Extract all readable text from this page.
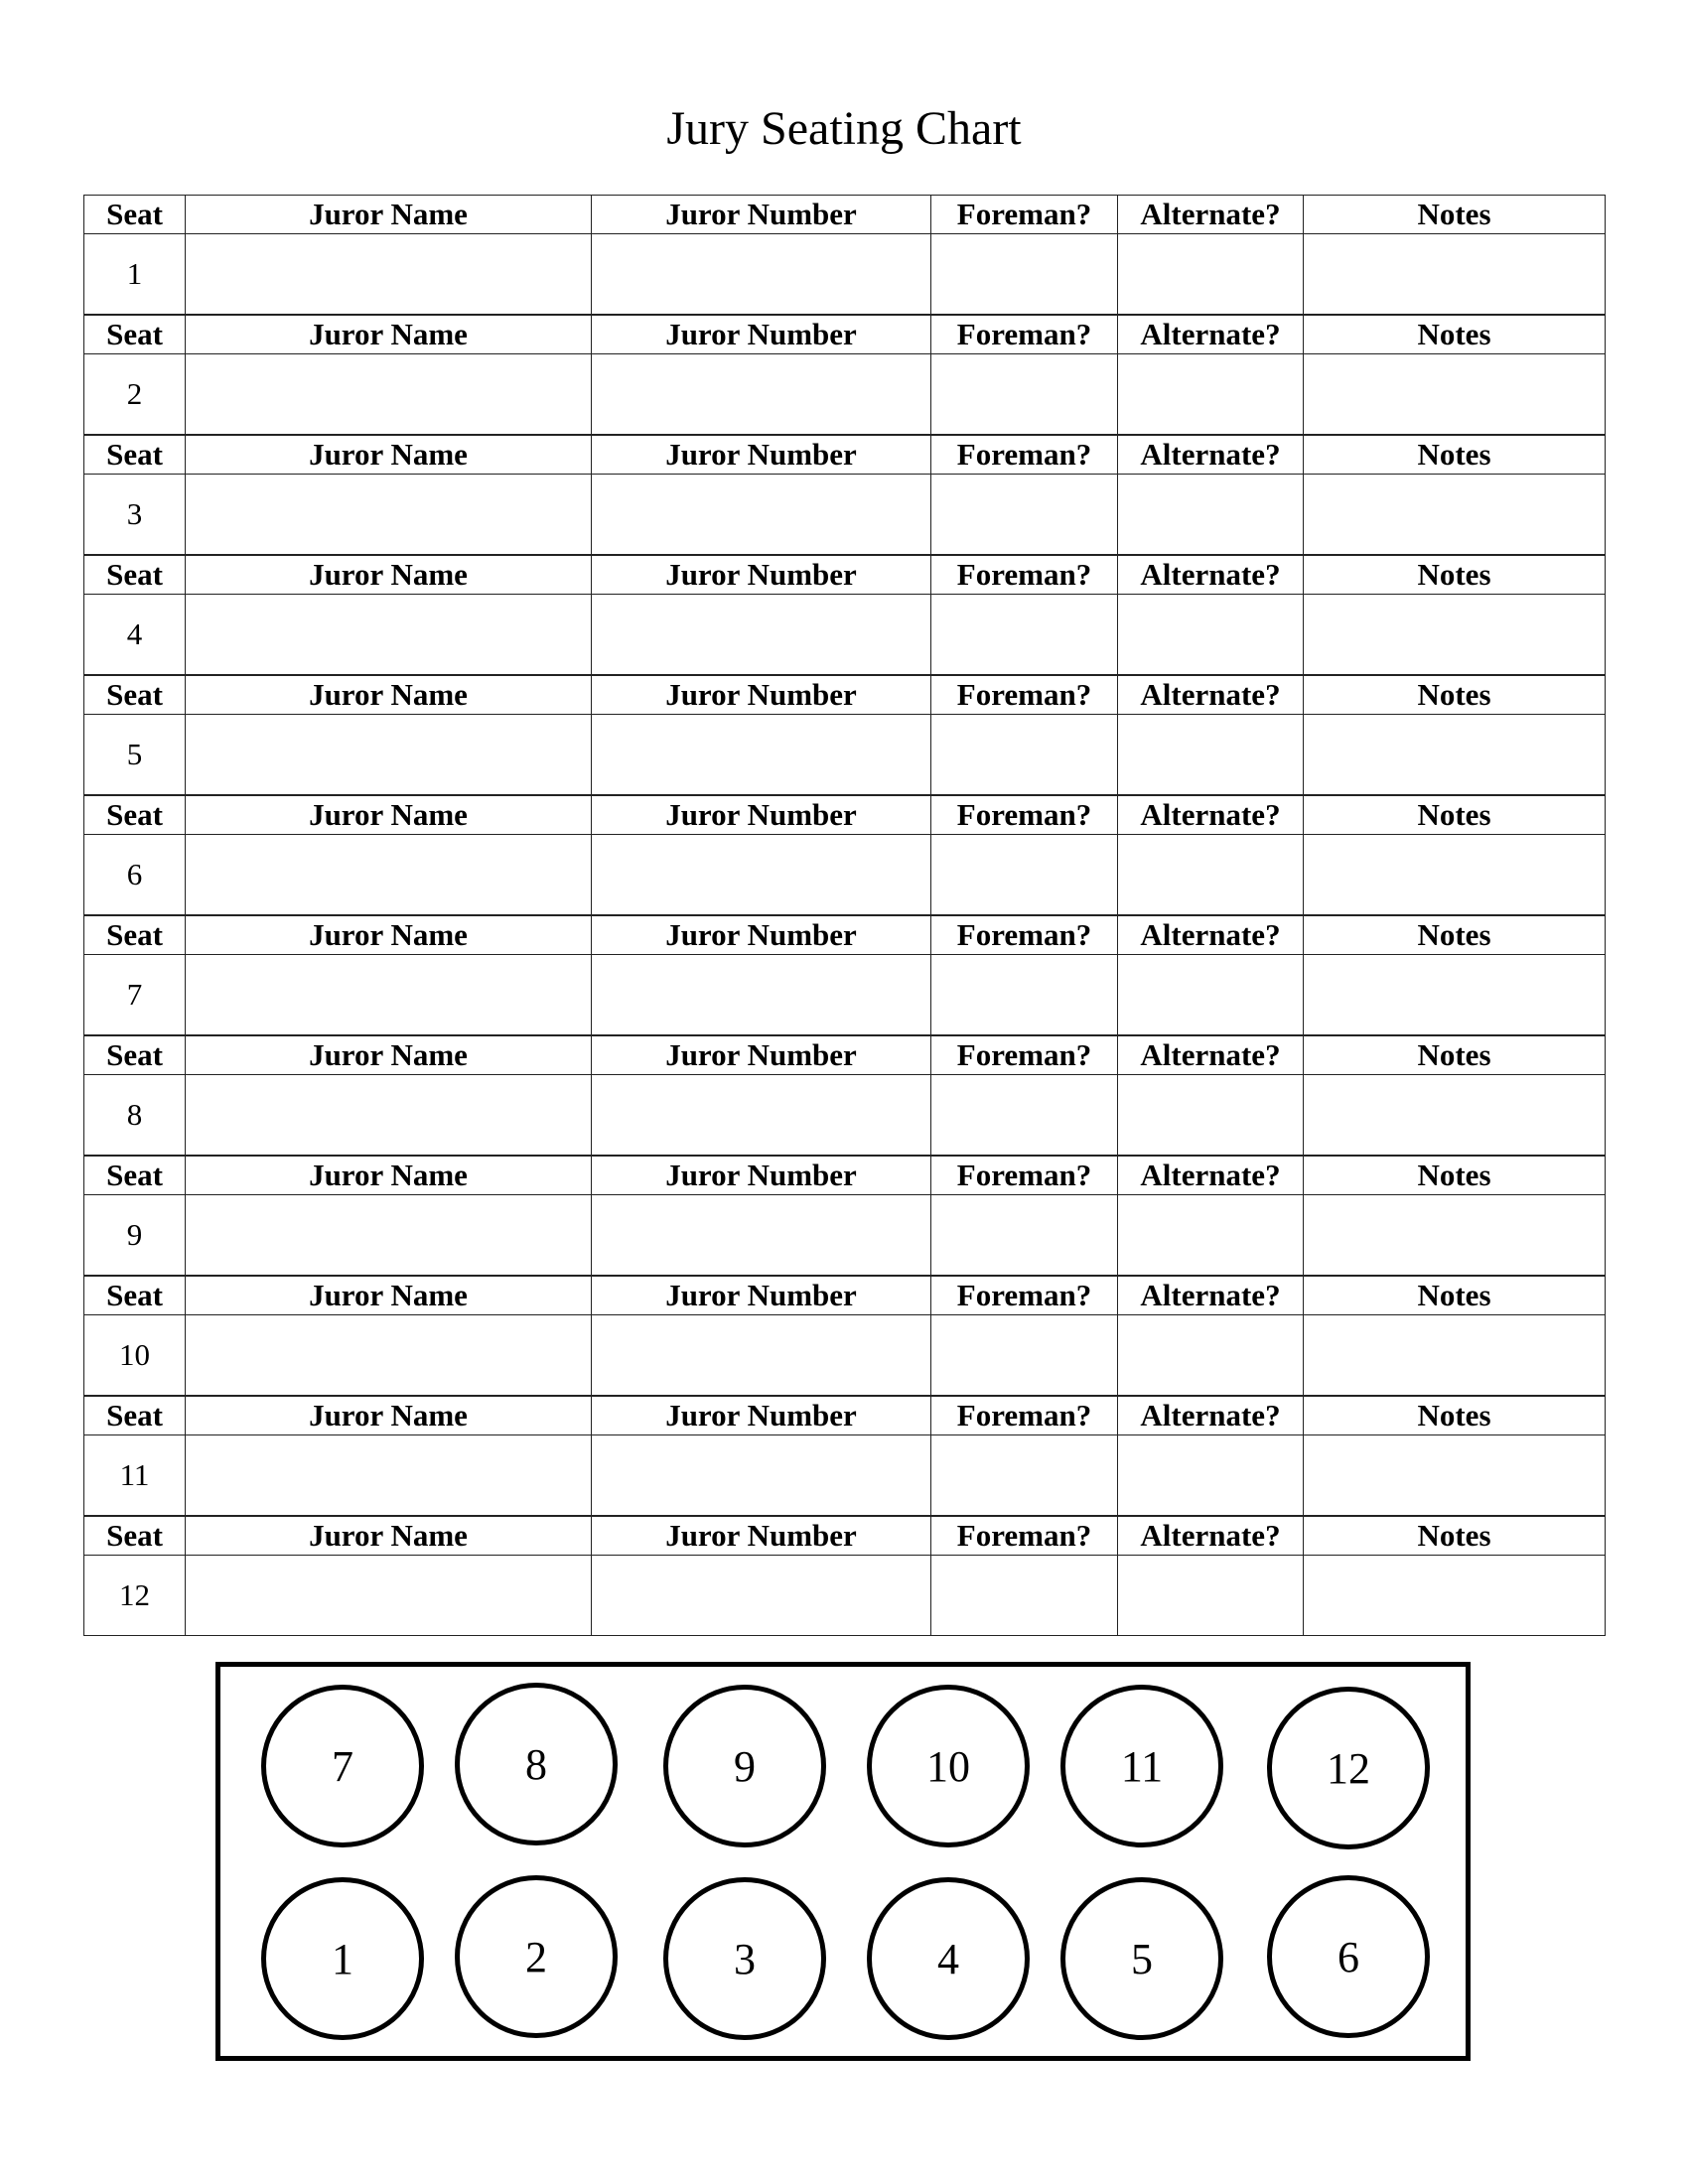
Jury Seating Chart
Seat	Juror Name	Juror Number	Foreman?	Alternate?	Notes
1					
Seat	Juror Name	Juror Number	Foreman?	Alternate?	Notes
2					
Seat	Juror Name	Juror Number	Foreman?	Alternate?	Notes
3					
Seat	Juror Name	Juror Number	Foreman?	Alternate?	Notes
4					
Seat	Juror Name	Juror Number	Foreman?	Alternate?	Notes
5					
Seat	Juror Name	Juror Number	Foreman?	Alternate?	Notes
6					
Seat	Juror Name	Juror Number	Foreman?	Alternate?	Notes
7					
Seat	Juror Name	Juror Number	Foreman?	Alternate?	Notes
8					
Seat	Juror Name	Juror Number	Foreman?	Alternate?	Notes
9					
Seat	Juror Name	Juror Number	Foreman?	Alternate?	Notes
10					
Seat	Juror Name	Juror Number	Foreman?	Alternate?	Notes
11					
Seat	Juror Name	Juror Number	Foreman?	Alternate?	Notes
12					
7	8	9	10	11	12
1	2	3	4	5	6
